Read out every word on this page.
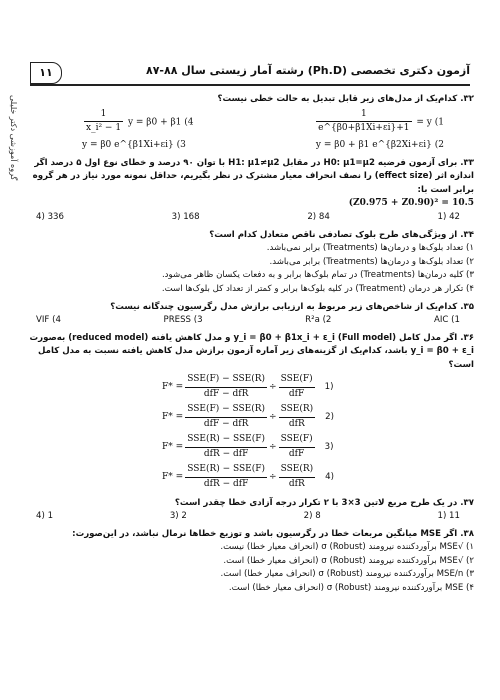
۱۱	آزمون دکتری تخصصی (Ph.D) رشته آمار زیستی سال ۸۸-۸۷
گروه آموزشی دکتر خلیلی	۳۲. کدام‌یک از مدل‌های زیر قابل تبدیل به حالت خطی نیست؟
1) y =
$\frac{1}{1+e\^{}\{\beta 0+\beta 1Xi+\varepsilon i\}}$
4) y = β0 + β1
$\frac{1}{\text{x\_i² − 1}}$
2) y = β0 + β1 e^{β2Xi+εi}
3) y = β0 e^{β1Xi+εi}
۳۳. برای آزمون فرضیه H0: μ1=μ2 در مقابل H1: μ1≠μ2 با توان ۹۰ درصد و خطای نوع اول ۵ درصد اگر اندازه اثر (effect size) را نصف انحراف معیار مشترک در نظر بگیریم، حداقل نمونه مورد نیاز در هر گروه برابر است با:
(Z0.975 + Z0.90)² = 10.5
42 (1
84 (2
168 (3
336 (4
۳۴. از ویژگی‌های طرح بلوک تصادفی ناقص متعادل کدام است؟
۱) تعداد بلوک‌ها و درمان‌ها (Treatments) برابر نمی‌باشد.
۲) تعداد بلوک‌ها و درمان‌ها (Treatments) برابر می‌باشد.
۳) کلیه درمان‌ها (Treatments) در تمام بلوک‌ها برابر و به دفعات یکسان ظاهر می‌شود.
۴) تکرار هر درمان (Treatment) در کلیه بلوک‌ها برابر و کمتر از تعداد کل بلوک‌ها است.
۳۵. کدام‌یک از شاخص‌های زیر مربوط به ارزیابی برازش مدل رگرسیون چندگانه نیست؟
AIC (1
R²a (2
PRESS (3
VIF (4
۳۶. اگر مدل کامل (Full model) y_i = β0 + β1x_i + ε_i و مدل کاهش یافته (reduced model) به‌صورت y_i = β0 + ε_i باشد، کدام‌یک از گزینه‌های زیر آماره آزمون برازش مدل کاهش یافته نسبت به مدل کامل است؟
$F* = \frac{\text{SSE(F) − SSE(R)}}{\text{dfF − dfR}} \div \frac{\text{SSE(F)}}{\text{dfF}} (1$
$F* = \frac{\text{SSE(F) − SSE(R)}}{\text{dfF − dfR}} \div \frac{\text{SSE(R)}}{\text{dfR}} (2$
$F* = \frac{\text{SSE(R) − SSE(F)}}{\text{dfR − dfF}} \div \frac{\text{SSE(F)}}{\text{dfF}} (3$
$F* = \frac{\text{SSE(R) − SSE(F)}}{\text{dfR − dfF}} \div \frac{\text{SSE(R)}}{\text{dfR}} (4$
۳۷. در یک طرح مربع لاتین 3×3 با ۲ تکرار درجه آزادی خطا چقدر است؟
11 (1
8 (2
2 (3
1 (4
۳۸. اگر MSE میانگین مربعات خطا در رگرسیون باشد و توزیع خطاها نرمال نباشد، در این‌صورت:
۱) √MSE برآوردکننده نیرومند (Robust) σ (انحراف معیار خطا) نیست.
۲) √MSE برآوردکننده نیرومند (Robust) σ (انحراف معیار خطا) است.
۳) MSE/n برآوردکننده نیرومند (Robust) σ (انحراف معیار خطا) است.
۴) MSE برآوردکننده نیرومند (Robust) σ (انحراف معیار خطا) است.
